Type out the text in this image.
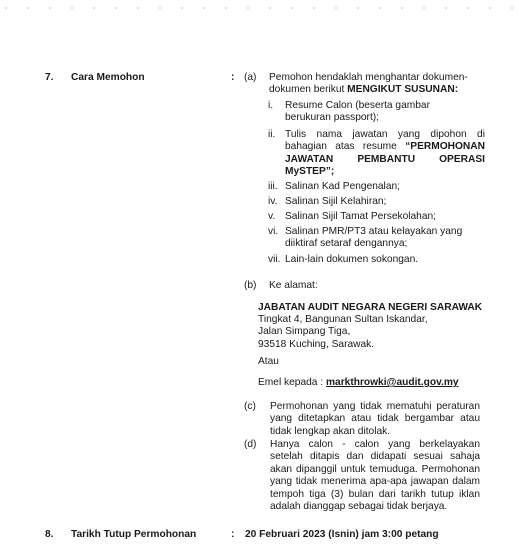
7. Cara Memohon	: (a) Pemohon hendaklah menghantar dokumen-
dokumen berikut MENGIKUT SUSUNAN:
i. Resume Calon (beserta gambar
berukuran passport);
ii. Tulis nama jawatan yang dipohon di
bahagian atas resume “PERMOHONAN
JAWATAN PEMBANTU OPERASI
MySTEP”;
iii. Salinan Kad Pengenalan;
iv. Salinan Sijil Kelahiran;
v. Salinan Sijil Tamat Persekolahan;
vi. Salinan PMR/PT3 atau kelayakan yang
diiktiraf setaraf dengannya;
vii. Lain-lain dokumen sokongan.
(b) Ke alamat:
JABATAN AUDIT NEGARA NEGERI SARAWAK
Tingkat 4, Bangunan Sultan Iskandar,
Jalan Simpang Tiga,
93518 Kuching, Sarawak.
Atau
Emel kepada : markthrowki@audit.gov.my
(c) Permohonan yang tidak mematuhi peraturan
yang ditetapkan atau tidak bergambar atau
tidak lengkap akan ditolak.
(d) Hanya calon - calon yang berkelayakan
setelah ditapis dan didapati sesuai sahaja
akan dipanggil untuk temuduga. Permohonan
yang tidak menerima apa-apa jawapan dalam
tempoh tiga (3) bulan dari tarikh tutup iklan
adalah dianggap sebagai tidak berjaya.
8. Tarikh Tutup Permohonan	: 20 Februari 2023 (Isnin) jam 3:00 petang
